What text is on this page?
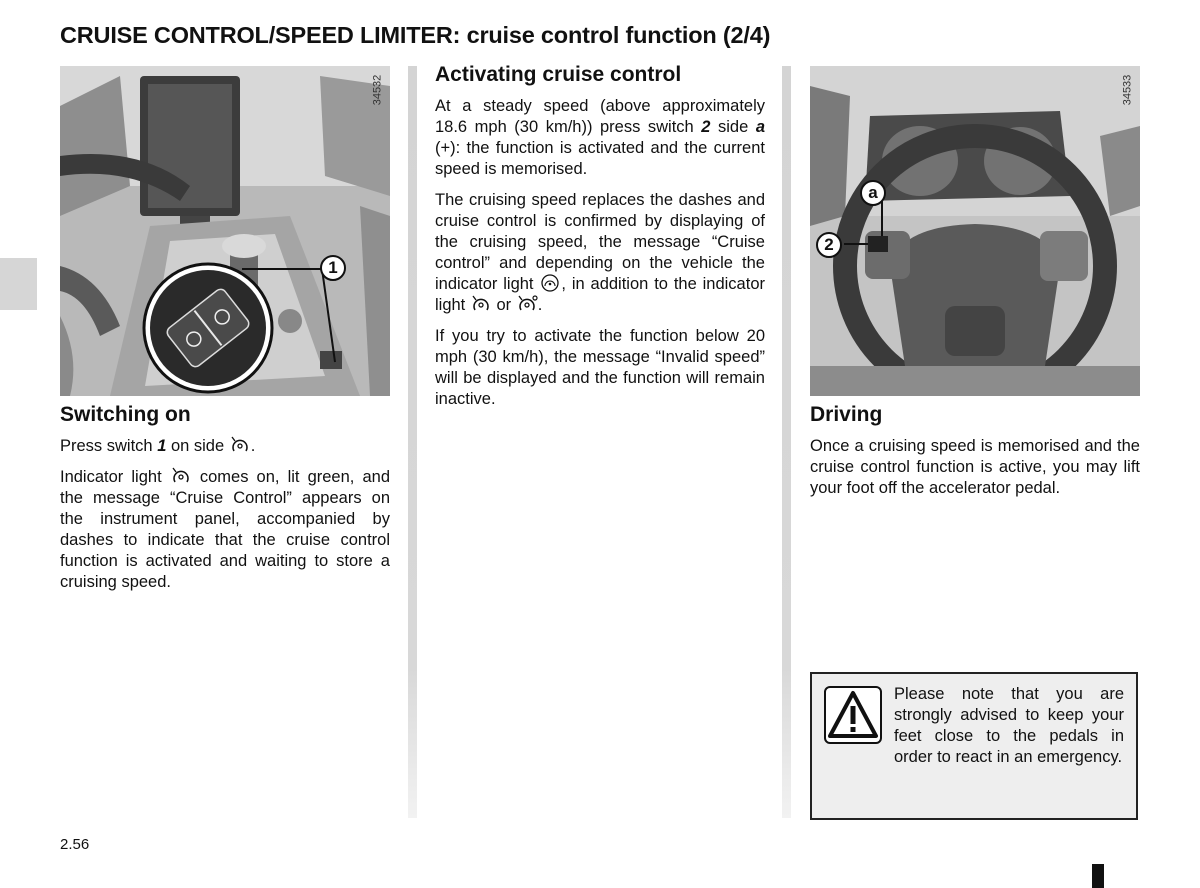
CRUISE CONTROL/SPEED LIMITER: cruise control function (2/4)
34532
1
34533
a
2
Switching on

Press switch 1 on side .

Indicator light  comes on, lit green, and the message “Cruise Control” appears on the instrument panel, accompanied by dashes to indicate that the cruise control function is activated and waiting to store a cruising speed.

Activating cruise control

At a steady speed (above approximately 18.6 mph (30 km/h)) press switch 2 side a (+): the function is activated and the current speed is memorised.

The cruising speed replaces the dashes and cruise control is confirmed by displaying of the cruising speed, the message “Cruise control” and depending on the vehicle the indicator light , in addition to the indicator light  or .

If you try to activate the function below 20 mph (30 km/h), the message “Invalid speed” will be displayed and the function will remain inactive.

Driving

Once a cruising speed is memorised and the cruise control function is active, you may lift your foot off the accelerator pedal.

Please note that you are strongly advised to keep your feet close to the pedals in order to react in an emergency.
2.56
